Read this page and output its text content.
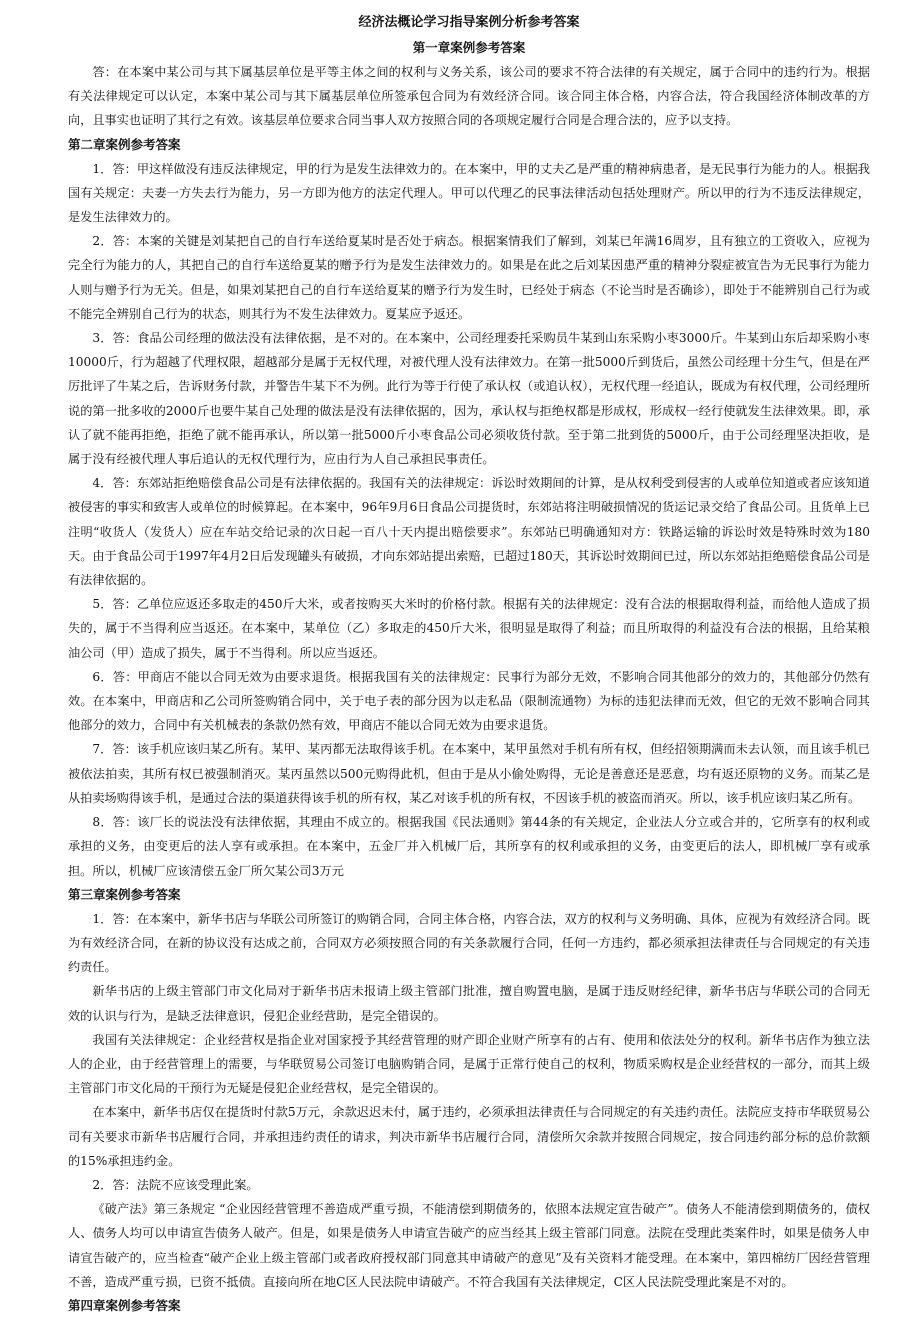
经济法概论学习指导案例分析参考答案

第一章案例参考答案

答：在本案中某公司与其下属基层单位是平等主体之间的权利与义务关系，该公司的要求不符合法律的有关规定，属于合同中的违约行为。根据有关法律规定可以认定，本案中某公司与其下属基层单位所签承包合同为有效经济合同。该合同主体合格，内容合法，符合我国经济体制改革的方向，且事实也证明了其行之有效。该基层单位要求合同当事人双方按照合同的各项规定履行合同是合理合法的，应予以支持。

第二章案例参考答案

1．答：甲这样做没有违反法律规定，甲的行为是发生法律效力的。在本案中，甲的丈夫乙是严重的精神病患者，是无民事行为能力的人。根据我国有关规定：夫妻一方失去行为能力，另一方即为他方的法定代理人。甲可以代理乙的民事法律活动包括处理财产。所以甲的行为不违反法律规定，是发生法律效力的。

2．答：本案的关键是刘某把自己的自行车送给夏某时是否处于病态。根据案情我们了解到，刘某已年满16周岁，且有独立的工资收入，应视为完全行为能力的人，其把自己的自行车送给夏某的赠予行为是发生法律效力的。如果是在此之后刘某因患严重的精神分裂症被宣告为无民事行为能力人则与赠予行为无关。但是，如果刘某把自己的自行车送给夏某的赠予行为发生时，已经处于病态（不论当时是否确诊），即处于不能辨别自己行为或不能完全辨别自己行为的状态，则其行为不发生法律效力。夏某应予返还。

3．答：食品公司经理的做法没有法律依据，是不对的。在本案中，公司经理委托采购员牛某到山东采购小枣3000斤。牛某到山东后却采购小枣10000斤，行为超越了代理权限，超越部分是属于无权代理，对被代理人没有法律效力。在第一批5000斤到货后，虽然公司经理十分生气，但是在严厉批评了牛某之后，告诉财务付款，并警告牛某下不为例。此行为等于行使了承认权（或追认权），无权代理一经追认，既成为有权代理，公司经理所说的第一批多收的2000斤也要牛某自己处理的做法是没有法律依据的，因为，承认权与拒绝权都是形成权，形成权一经行使就发生法律效果。即，承认了就不能再拒绝，拒绝了就不能再承认，所以第一批5000斤小枣食品公司必须收货付款。至于第二批到货的5000斤，由于公司经理坚决拒收，是属于没有经被代理人事后追认的无权代理行为，应由行为人自己承担民事责任。

4．答：东郊站拒绝赔偿食品公司是有法律依据的。我国有关的法律规定：诉讼时效期间的计算，是从权利受到侵害的人或单位知道或者应该知道被侵害的事实和致害人或单位的时候算起。在本案中，96年9月6日食品公司提货时，东郊站将注明破损情况的货运记录交给了食品公司。且货单上已注明“收货人（发货人）应在车站交给记录的次日起一百八十天内提出赔偿要求”。东郊站已明确通知对方：铁路运输的诉讼时效是特殊时效为180天。由于食品公司于1997年4月2日后发现罐头有破损，才向东郊站提出索赔，已超过180天，其诉讼时效期间已过，所以东郊站拒绝赔偿食品公司是有法律依据的。

5．答：乙单位应返还多取走的450斤大米，或者按购买大米时的价格付款。根据有关的法律规定：没有合法的根据取得利益，而给他人造成了损失的，属于不当得利应当返还。在本案中，某单位（乙）多取走的450斤大米，很明显是取得了利益；而且所取得的利益没有合法的根据，且给某粮油公司（甲）造成了损失，属于不当得利。所以应当返还。

6．答：甲商店不能以合同无效为由要求退货。根据我国有关的法律规定：民事行为部分无效，不影响合同其他部分的效力的，其他部分仍然有效。在本案中，甲商店和乙公司所签购销合同中，关于电子表的部分因为以走私品（限制流通物）为标的违犯法律而无效，但它的无效不影响合同其他部分的效力，合同中有关机械表的条款仍然有效，甲商店不能以合同无效为由要求退货。

7．答：该手机应该归某乙所有。某甲、某丙都无法取得该手机。在本案中，某甲虽然对手机有所有权，但经招领期满而未去认领，而且该手机已被依法拍卖，其所有权已被强制消灭。某丙虽然以500元购得此机，但由于是从小偷处购得，无论是善意还是恶意，均有返还原物的义务。而某乙是从拍卖场购得该手机，是通过合法的渠道获得该手机的所有权，某乙对该手机的所有权，不因该手机的被盗而消灭。所以，该手机应该归某乙所有。

8．答：该厂长的说法没有法律依据，其理由不成立的。根据我国《民法通则》第44条的有关规定，企业法人分立或合并的，它所享有的权利或承担的义务，由变更后的法人享有或承担。在本案中，五金厂并入机械厂后，其所享有的权利或承担的义务，由变更后的法人，即机械厂享有或承担。所以，机械厂应该清偿五金厂所欠某公司3万元

第三章案例参考答案

1．答：在本案中，新华书店与华联公司所签订的购销合同，合同主体合格，内容合法，双方的权利与义务明确、具体，应视为有效经济合同。既为有效经济合同，在新的协议没有达成之前，合同双方必须按照合同的有关条款履行合同，任何一方违约，都必须承担法律责任与合同规定的有关违约责任。

新华书店的上级主管部门市文化局对于新华书店未报请上级主管部门批准，擅自购置电脑，是属于违反财经纪律，新华书店与华联公司的合同无效的认识与行为，是缺乏法律意识，侵犯企业经营助，是完全错误的。

我国有关法律规定：企业经营权是指企业对国家授予其经营管理的财产即企业财产所享有的占有、使用和依法处分的权利。新华书店作为独立法人的企业，由于经营管理上的需要，与华联贸易公司签订电脑购销合同，是属于正常行使自己的权利，物质采购权是企业经营权的一部分，而其上级主管部门市文化局的干预行为无疑是侵犯企业经营权，是完全错误的。

在本案中，新华书店仅在提货时付款5万元，余款迟迟未付，属于违约，必须承担法律责任与合同规定的有关违约责任。法院应支持市华联贸易公司有关要求市新华书店履行合同，并承担违约责任的请求，判决市新华书店履行合同，清偿所欠余款并按照合同规定，按合同违约部分标的总价款额的15%承担违约金。

2．答：法院不应该受理此案。

《破产法》第三条规定 “企业因经营管理不善造成严重亏损，不能清偿到期债务的，依照本法规定宣告破产”。债务人不能清偿到期债务的，债权人、债务人均可以申请宣告债务人破产。但是，如果是债务人申请宣告破产的应当经其上级主管部门同意。法院在受理此类案件时，如果是债务人申请宣告破产的，应当检查“破产企业上级主管部门或者政府授权部门同意其申请破产的意见”及有关资料才能受理。在本案中，第四棉纺厂因经营管理不善，造成严重亏损，已资不抵债。直接向所在地C区人民法院申请破产。不符合我国有关法律规定，C区人民法院受理此案是不对的。

第四章案例参考答案
